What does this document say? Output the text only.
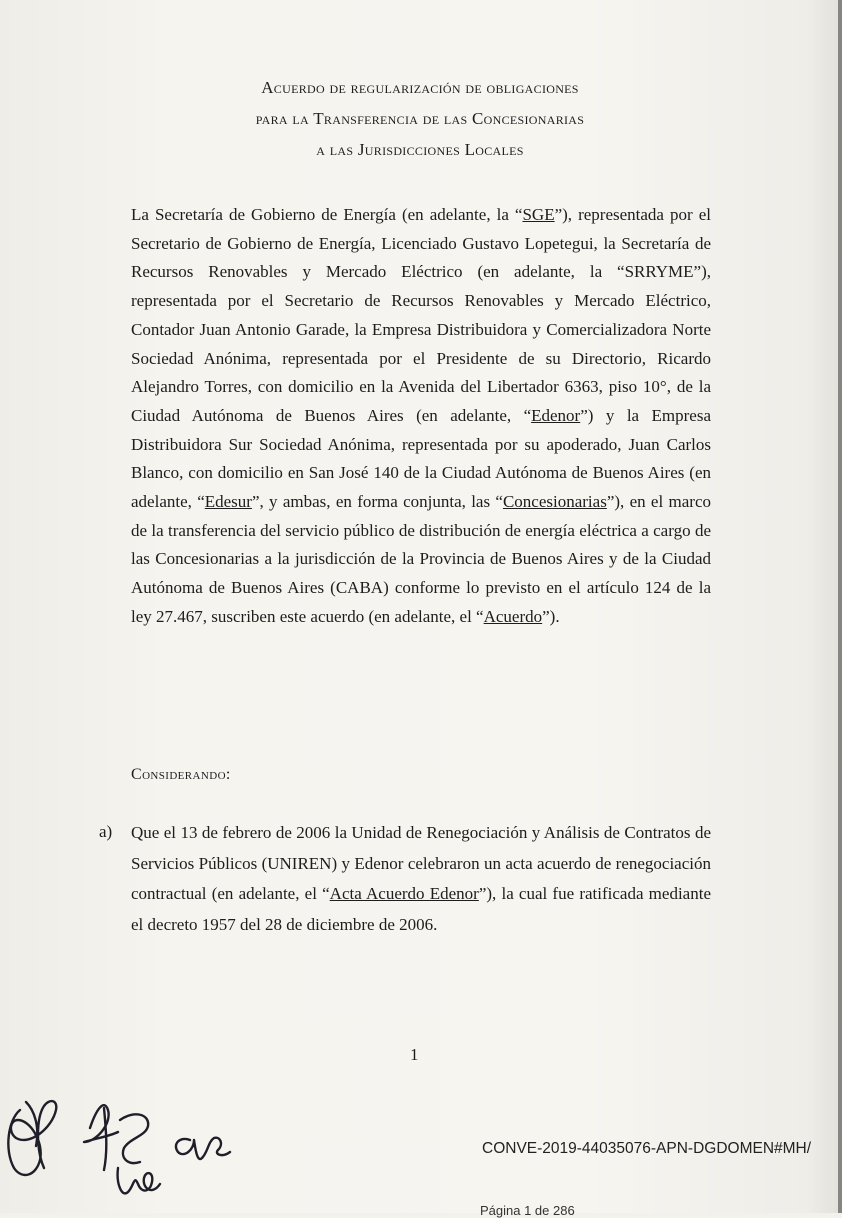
Acuerdo de regularización de obligaciones
para la Transferencia de las Concesionarias
a las Jurisdicciones Locales

La Secretaría de Gobierno de Energía (en adelante, la “SGE”), representada por el Secretario de Gobierno de Energía, Licenciado Gustavo Lopetegui, la Secretaría de Recursos Renovables y Mercado Eléctrico (en adelante, la “SRRYME”), representada por el Secretario de Recursos Renovables y Mercado Eléctrico, Contador Juan Antonio Garade, la Empresa Distribuidora y Comercializadora Norte Sociedad Anónima, representada por el Presidente de su Directorio, Ricardo Alejandro Torres, con domicilio en la Avenida del Libertador 6363, piso 10°, de la Ciudad Autónoma de Buenos Aires (en adelante, “Edenor”) y la Empresa Distribuidora Sur Sociedad Anónima, representada por su apoderado, Juan Carlos Blanco, con domicilio en San José 140 de la Ciudad Autónoma de Buenos Aires (en adelante, “Edesur”, y ambas, en forma conjunta, las “Concesionarias”), en el marco de la transferencia del servicio público de distribución de energía eléctrica a cargo de las Concesionarias a la jurisdicción de la Provincia de Buenos Aires y de la Ciudad Autónoma de Buenos Aires (CABA) conforme lo previsto en el artículo 124 de la ley 27.467, suscriben este acuerdo (en adelante, el “Acuerdo”).

Considerando:
a) Que el 13 de febrero de 2006 la Unidad de Renegociación y Análisis de Contratos de Servicios Públicos (UNIREN) y Edenor celebraron un acta acuerdo de renegociación contractual (en adelante, el “Acta Acuerdo Edenor”), la cual fue ratificada mediante el decreto 1957 del 28 de diciembre de 2006.

1
CONVE-2019-44035076-APN-DGDOMEN#MH/
Página 1 de 286
